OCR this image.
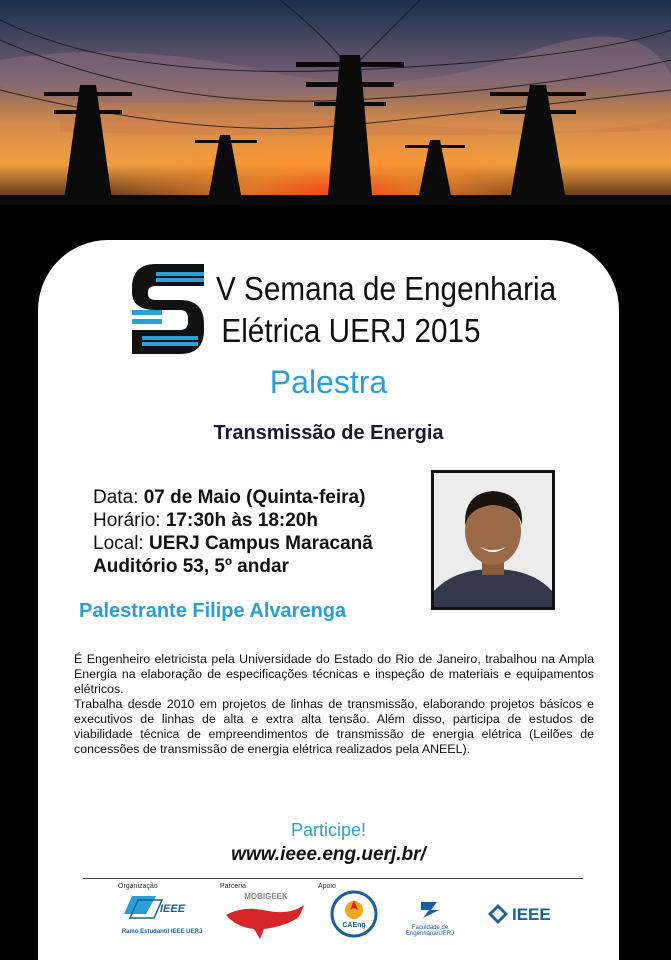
V Semana de Engenharia
Elétrica UERJ 2015
Palestra
Transmissão de Energia
Data: 07 de Maio (Quinta-feira)
Horário: 17:30h às 18:20h
Local: UERJ Campus Maracanã
Auditório 53, 5º andar
Palestrante Filipe Alvarenga

É Engenheiro eletricista pela Universidade do Estado do Rio de Janeiro, trabalhou na Ampla Energia na elaboração de especificações técnicas e inspeção de materiais e equipamentos elétricos.

Trabalha desde 2010 em projetos de linhas de transmissão, elaborando projetos básicos e executivos de linhas de alta e extra alta tensão. Além disso, participa de estudos de viabilidade técnica de empreendimentos de transmissão de energia elétrica (Leilões de concessões de transmissão de energia elétrica realizados pela ANEEL).

Participe!
www.ieee.eng.uerj.br/
Organização	Parceria	Apoio
IEEE
Ramo Estudantil IEEE UERJ
MOBIGEEK
CAEng	Faculdade de Engenharia/UERJ
IEEE
